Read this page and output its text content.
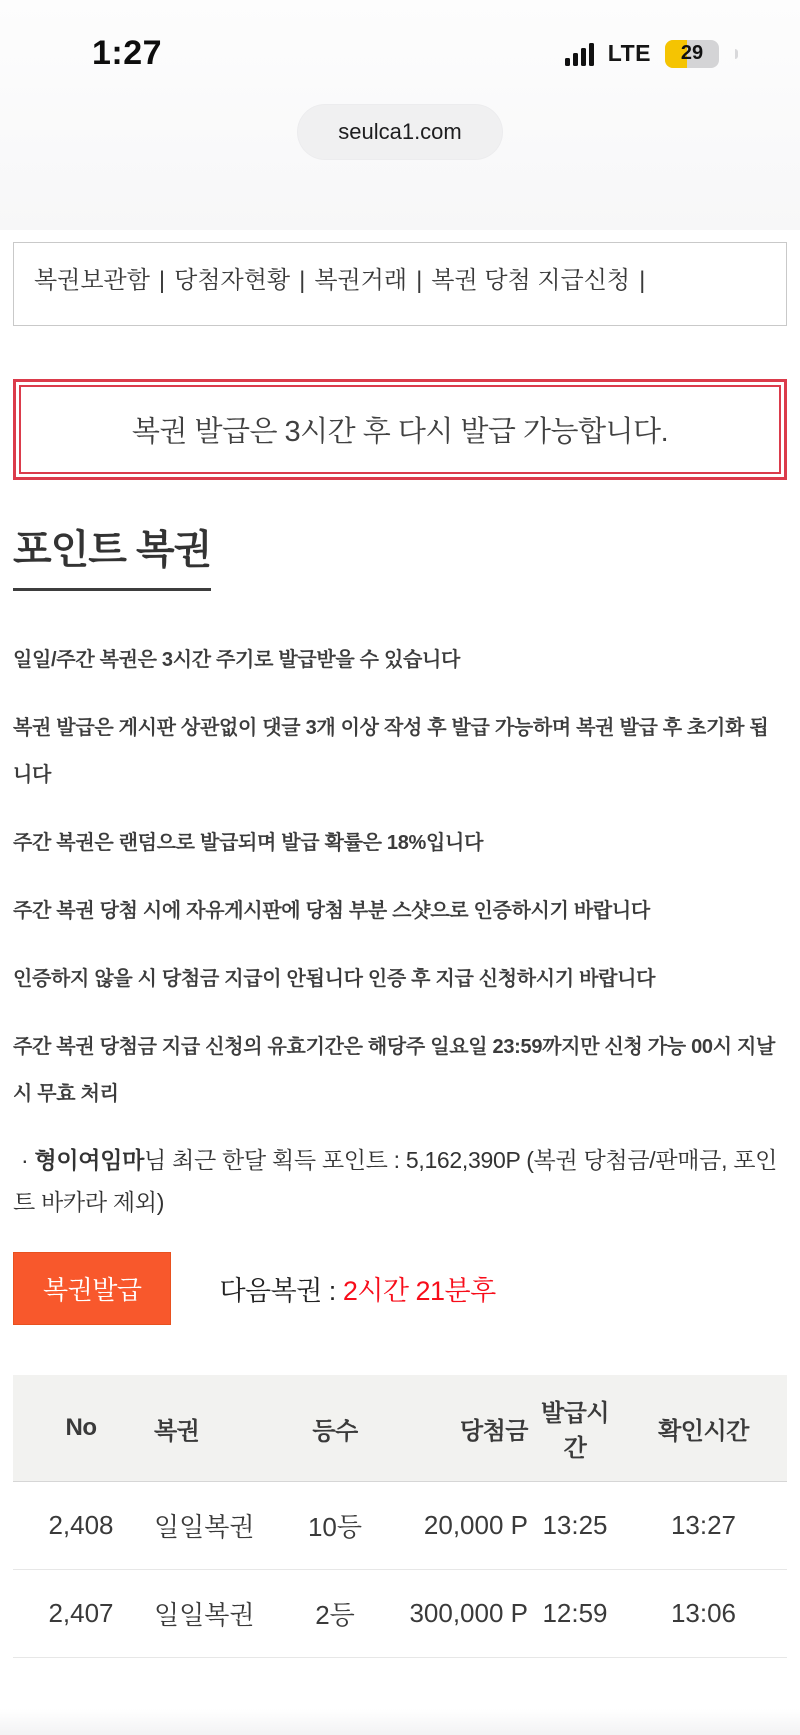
1:27	LTE 29
seulca1.com
복권보관함 | 당첨자현황 | 복권거래 | 복권 당첨 지급신청 |
복권 발급은 3시간 후 다시 발급 가능합니다.
포인트 복권

일일/주간 복권은 3시간 주기로 발급받을 수 있습니다

복권 발급은 게시판 상관없이 댓글 3개 이상 작성 후 발급 가능하며 복권 발급 후 초기화 됩니다

주간 복권은 랜덤으로 발급되며 발급 확률은 18%입니다

주간 복권 당첨 시에 자유게시판에 당첨 부분 스샷으로 인증하시기 바랍니다

인증하지 않을 시 당첨금 지급이 안됩니다 인증 후 지급 신청하시기 바랍니다

주간 복권 당첨금 지급 신청의 유효기간은 해당주 일요일 23:59까지만 신청 가능 00시 지날 시 무효 처리

· 형이여임마님 최근 한달 획득 포인트 : 5,162,390P (복권 당첨금/판매금, 포인트 바카라 제외)

복권발급	다음복권 : 2시간 21분후
No	복권	등수	당첨금	발급시간	확인시간
2,408	일일복권	10등	20,000 P	13:25	13:27
2,407	일일복권	2등	300,000 P	12:59	13:06
